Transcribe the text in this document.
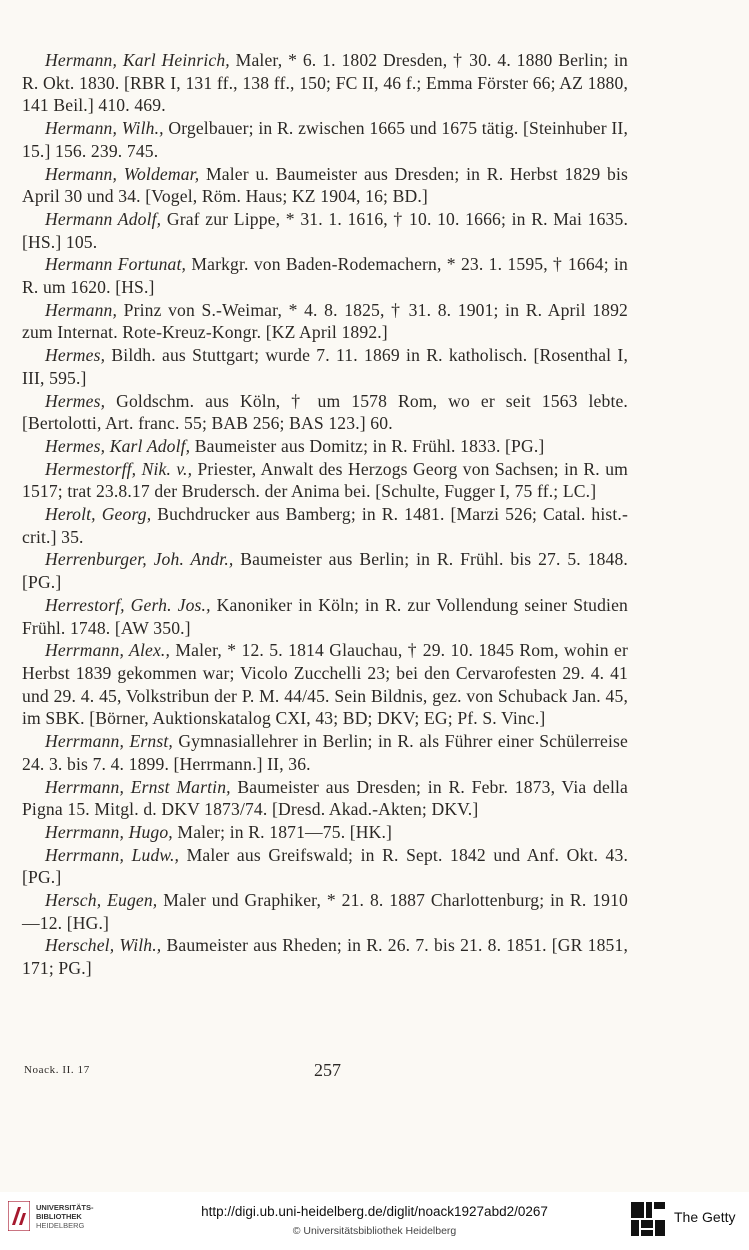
Hermann, Karl Heinrich, Maler, * 6. 1. 1802 Dresden, † 30. 4. 1880 Berlin; in R. Okt. 1830. [RBR I, 131 ff., 138 ff., 150; FC II, 46 f.; Emma Förster 66; AZ 1880, 141 Beil.] 410. 469.

Hermann, Wilh., Orgelbauer; in R. zwischen 1665 und 1675 tätig. [Steinhuber II, 15.] 156. 239. 745.

Hermann, Woldemar, Maler u. Baumeister aus Dresden; in R. Herbst 1829 bis April 30 und 34. [Vogel, Röm. Haus; KZ 1904, 16; BD.]

Hermann Adolf, Graf zur Lippe, * 31. 1. 1616, † 10. 10. 1666; in R. Mai 1635. [HS.] 105.

Hermann Fortunat, Markgr. von Baden-Rodemachern, * 23. 1. 1595, † 1664; in R. um 1620. [HS.]

Hermann, Prinz von S.-Weimar, * 4. 8. 1825, † 31. 8. 1901; in R. April 1892 zum Internat. Rote-Kreuz-Kongr. [KZ April 1892.]

Hermes, Bildh. aus Stuttgart; wurde 7. 11. 1869 in R. katholisch. [Rosenthal I, III, 595.]

Hermes, Goldschm. aus Köln, † um 1578 Rom, wo er seit 1563 lebte. [Bertolotti, Art. franc. 55; BAB 256; BAS 123.] 60.

Hermes, Karl Adolf, Baumeister aus Domitz; in R. Frühl. 1833. [PG.]

Hermestorff, Nik. v., Priester, Anwalt des Herzogs Georg von Sachsen; in R. um 1517; trat 23.8.17 der Brudersch. der Anima bei. [Schulte, Fugger I, 75 ff.; LC.]

Herolt, Georg, Buchdrucker aus Bamberg; in R. 1481. [Marzi 526; Catal. hist.-crit.] 35.

Herrenburger, Joh. Andr., Baumeister aus Berlin; in R. Frühl. bis 27. 5. 1848. [PG.]

Herrestorf, Gerh. Jos., Kanoniker in Köln; in R. zur Vollendung seiner Studien Frühl. 1748. [AW 350.]

Herrmann, Alex., Maler, * 12. 5. 1814 Glauchau, † 29. 10. 1845 Rom, wohin er Herbst 1839 gekommen war; Vicolo Zucchelli 23; bei den Cervarofesten 29. 4. 41 und 29. 4. 45, Volkstribun der P. M. 44/45. Sein Bildnis, gez. von Schuback Jan. 45, im SBK. [Börner, Auktionskatalog CXI, 43; BD; DKV; EG; Pf. S. Vinc.]

Herrmann, Ernst, Gymnasiallehrer in Berlin; in R. als Führer einer Schülerreise 24. 3. bis 7. 4. 1899. [Herrmann.] II, 36.

Herrmann, Ernst Martin, Baumeister aus Dresden; in R. Febr. 1873, Via della Pigna 15. Mitgl. d. DKV 1873/74. [Dresd. Akad.-Akten; DKV.]

Herrmann, Hugo, Maler; in R. 1871—75. [HK.]

Herrmann, Ludw., Maler aus Greifswald; in R. Sept. 1842 und Anf. Okt. 43. [PG.]

Hersch, Eugen, Maler und Graphiker, * 21. 8. 1887 Charlottenburg; in R. 1910—12. [HG.]

Herschel, Wilh., Baumeister aus Rheden; in R. 26. 7. bis 21. 8. 1851. [GR 1851, 171; PG.]

Noack. II. 17	257
UNIVERSITÄTS-
BIBLIOTHEK
HEIDELBERG
http://digi.ub.uni-heidelberg.de/diglit/noack1927abd2/0267
© Universitätsbibliothek Heidelberg
The Getty
